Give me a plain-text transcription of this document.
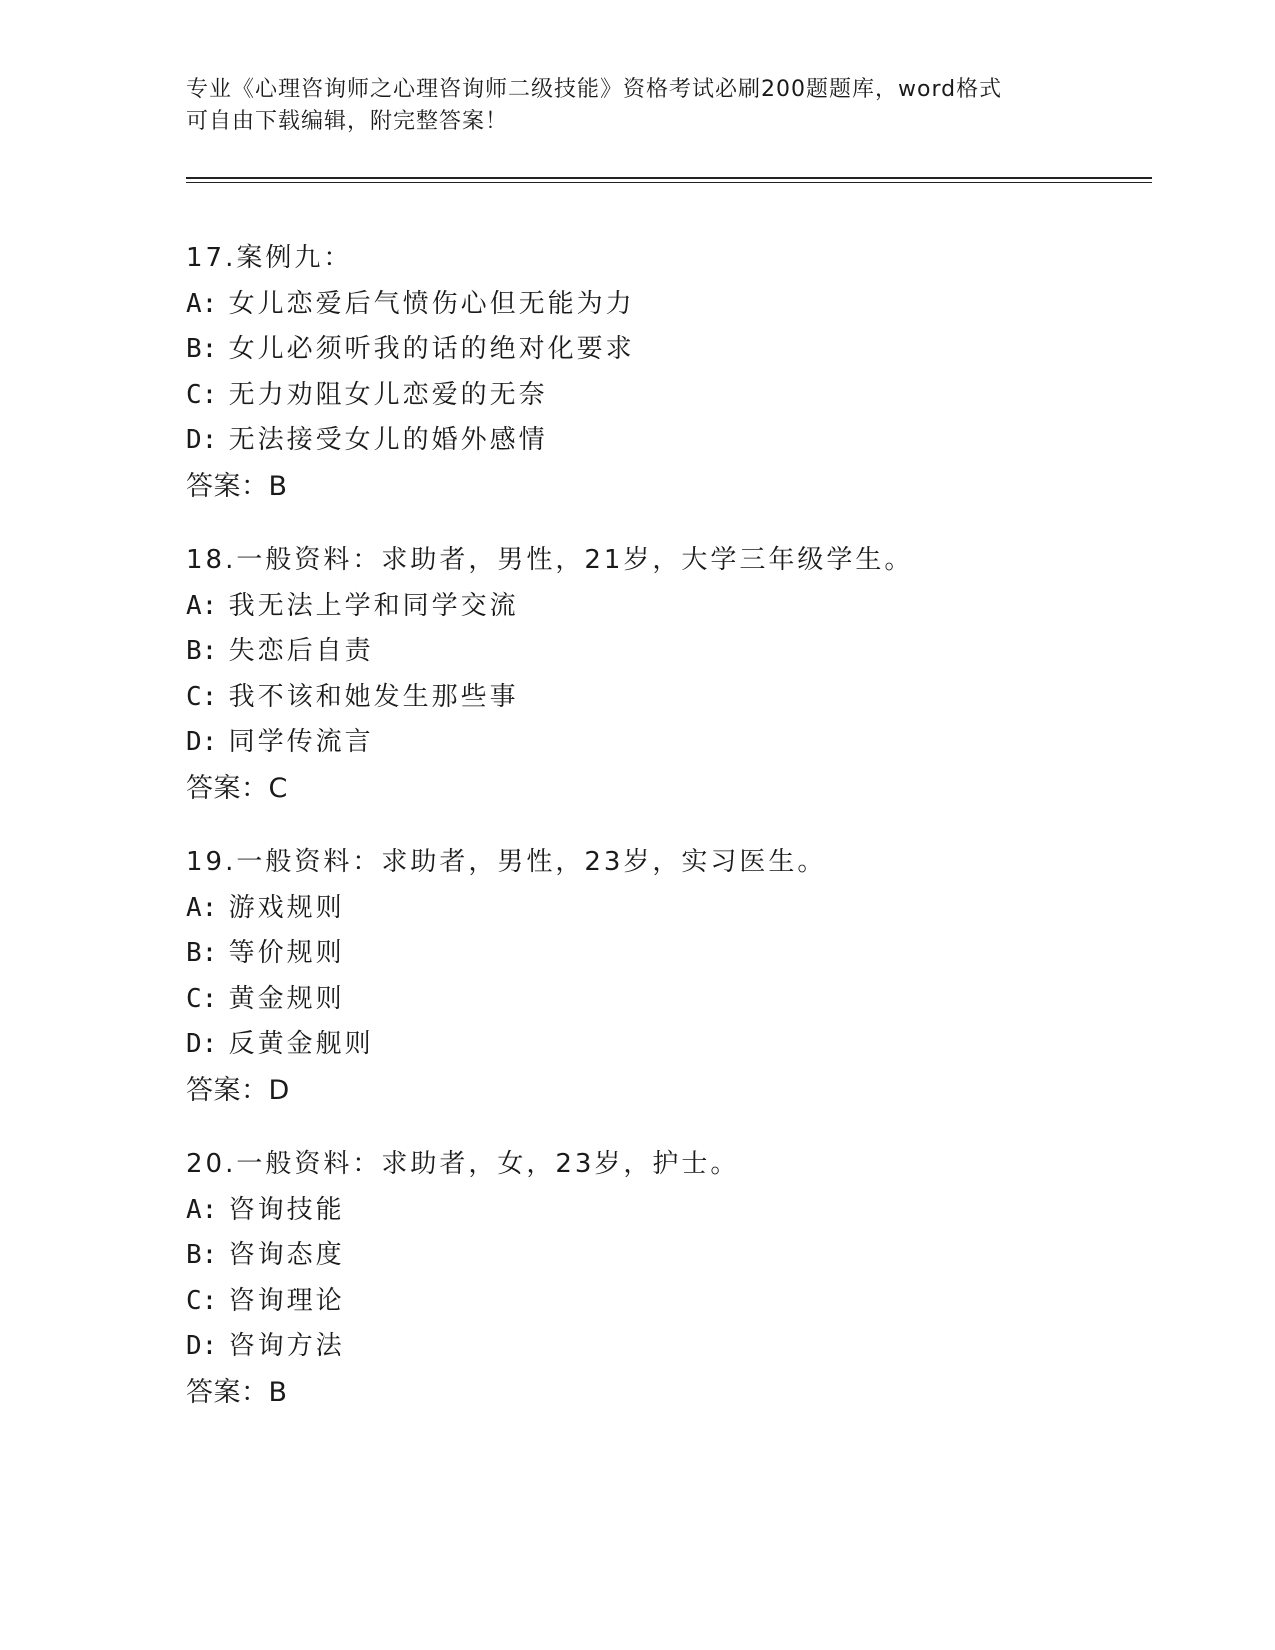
专业《心理咨询师之心理咨询师二级技能》资格考试必刷200题题库，word格式
可自由下载编辑，附完整答案！
17.案例九：
A: 女儿恋爱后气愤伤心但无能为力
B: 女儿必须听我的话的绝对化要求
C: 无力劝阻女儿恋爱的无奈
D: 无法接受女儿的婚外感情
答案：B
18.一般资料：求助者，男性，21岁，大学三年级学生。
A: 我无法上学和同学交流
B: 失恋后自责
C: 我不该和她发生那些事
D: 同学传流言
答案：C
19.一般资料：求助者，男性，23岁，实习医生。
A: 游戏规则
B: 等价规则
C: 黄金规则
D: 反黄金舰则
答案：D
20.一般资料：求助者，女，23岁，护士。
A: 咨询技能
B: 咨询态度
C: 咨询理论
D: 咨询方法
答案：B
